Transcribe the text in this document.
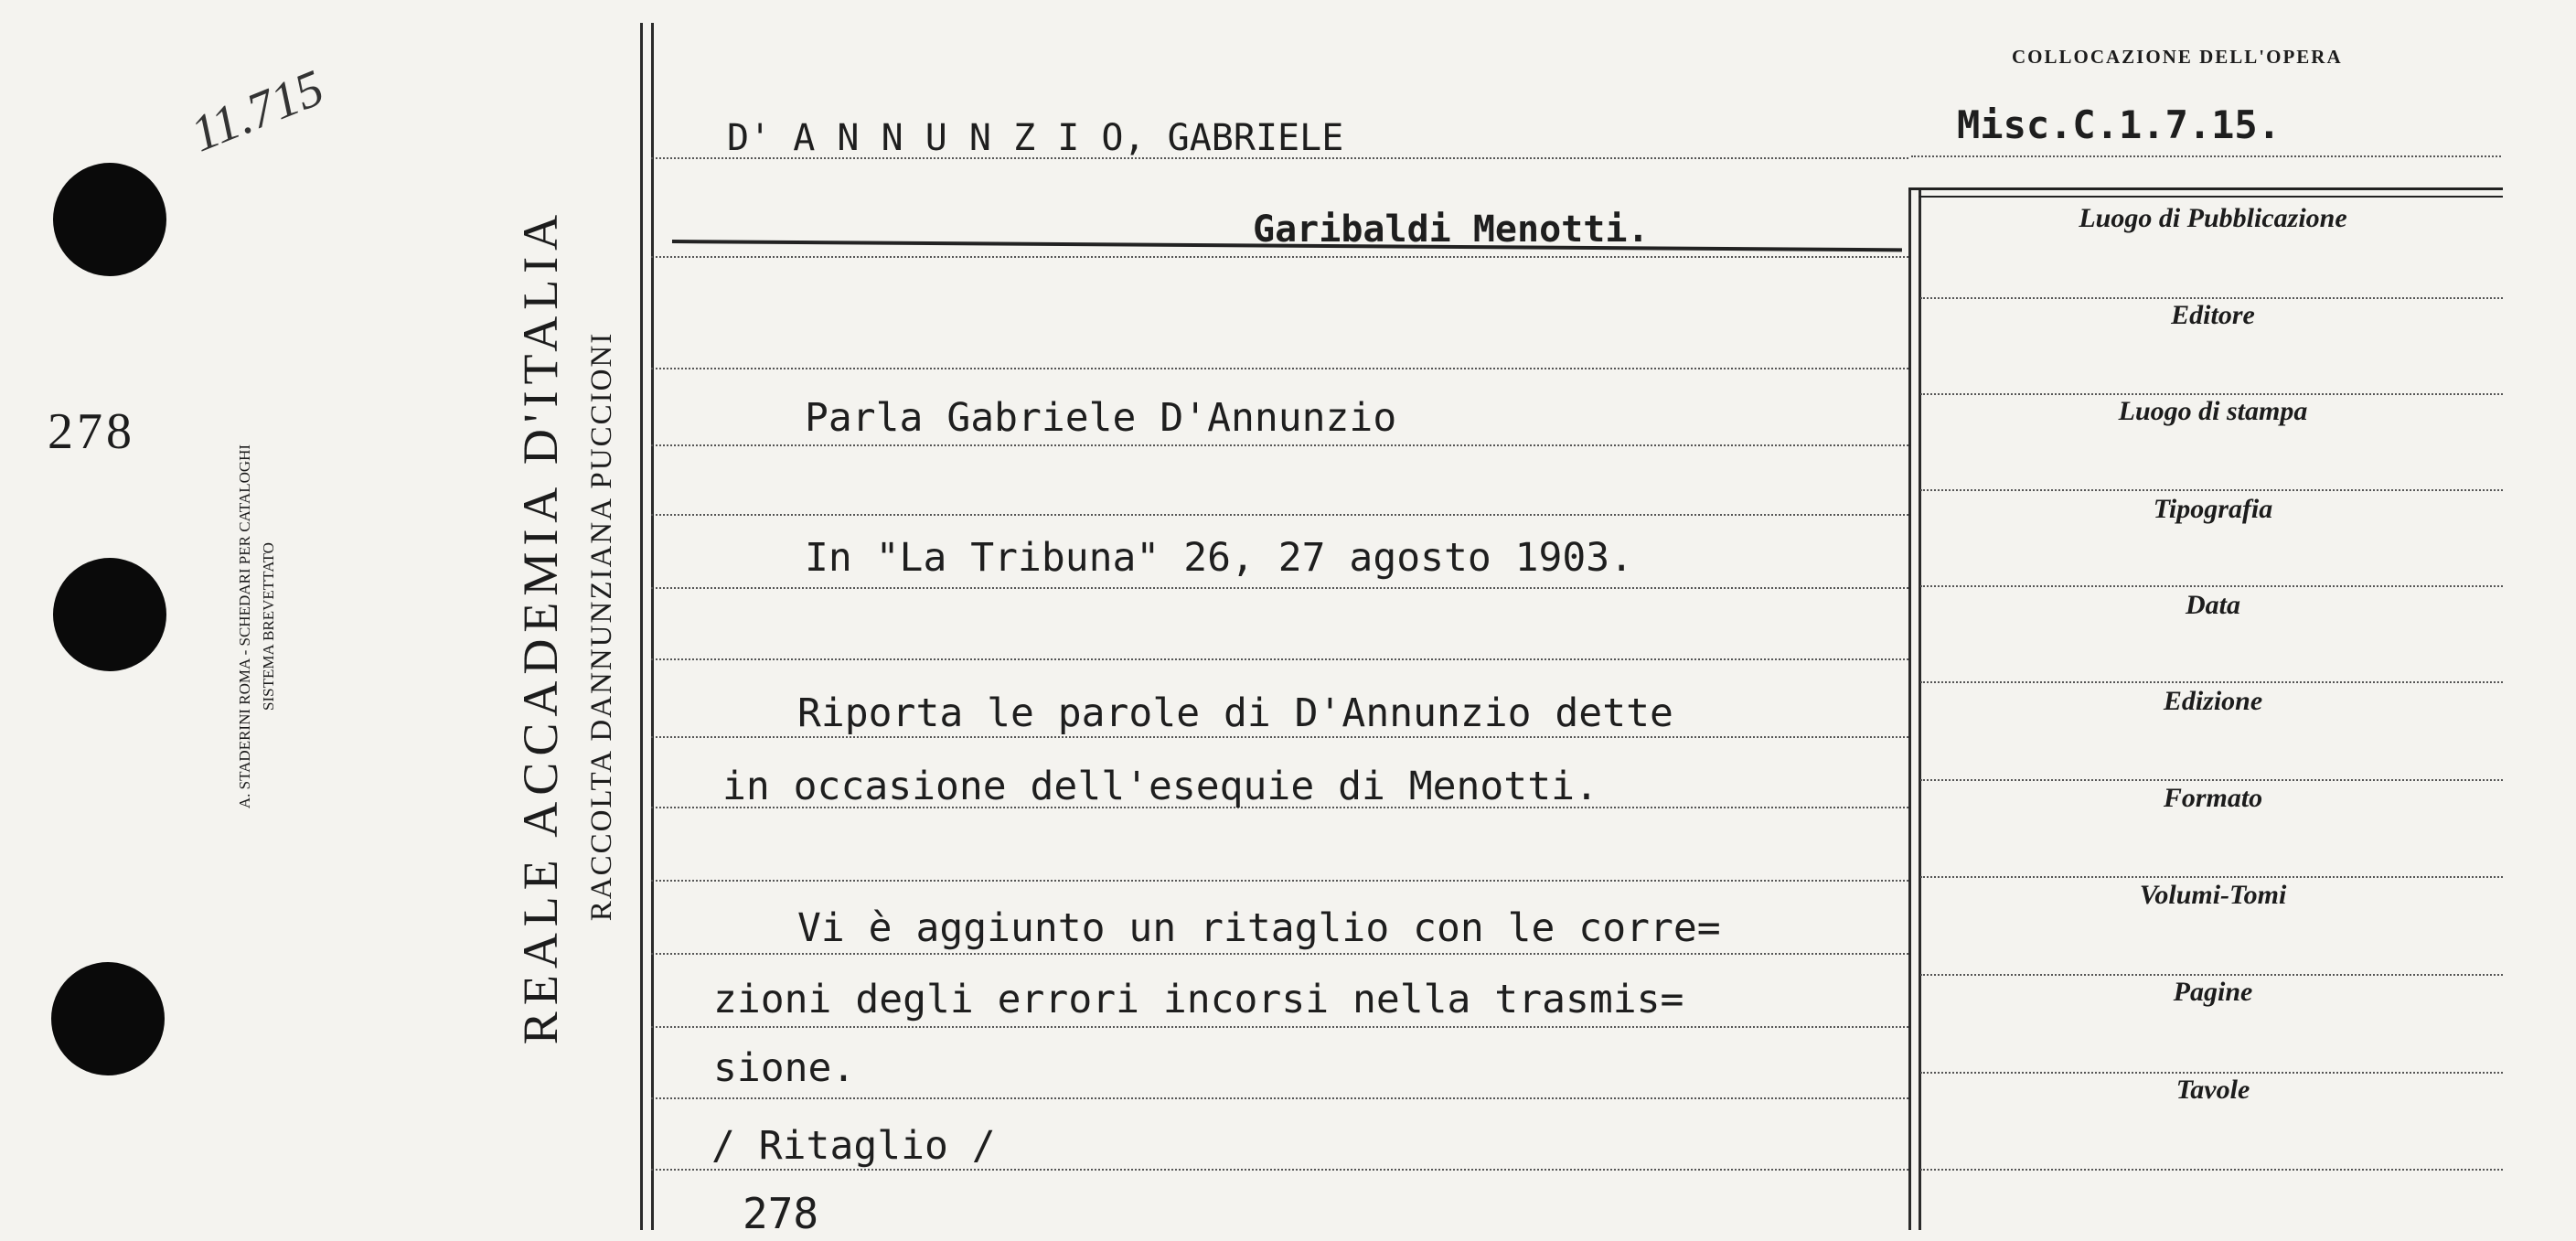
11.715
278
A. STADERINI ROMA - SCHEDARI PER CATALOGHI SISTEMA BREVETTATO	REALE ACCADEMIA D'ITALIA RACCOLTA DANNUNZIANA PUCCIONI
D' A N N U N Z I O, GABRIELE
Garibaldi Menotti.
Parla Gabriele D'Annunzio
In "La Tribuna" 26, 27 agosto 1903.
Riporta le parole di D'Annunzio dette
in occasione dell'esequie di Menotti.
Vi è aggiunto un ritaglio con le corre=
zioni degli errori incorsi nella trasmis=
sione.
/ Ritaglio /
278
COLLOCAZIONE DELL'OPERA
Misc.C.1.7.15.
Luogo di Pubblicazione
Editore
Luogo di stampa
Tipografia
Data
Edizione
Formato
Volumi-Tomi
Pagine
Tavole
